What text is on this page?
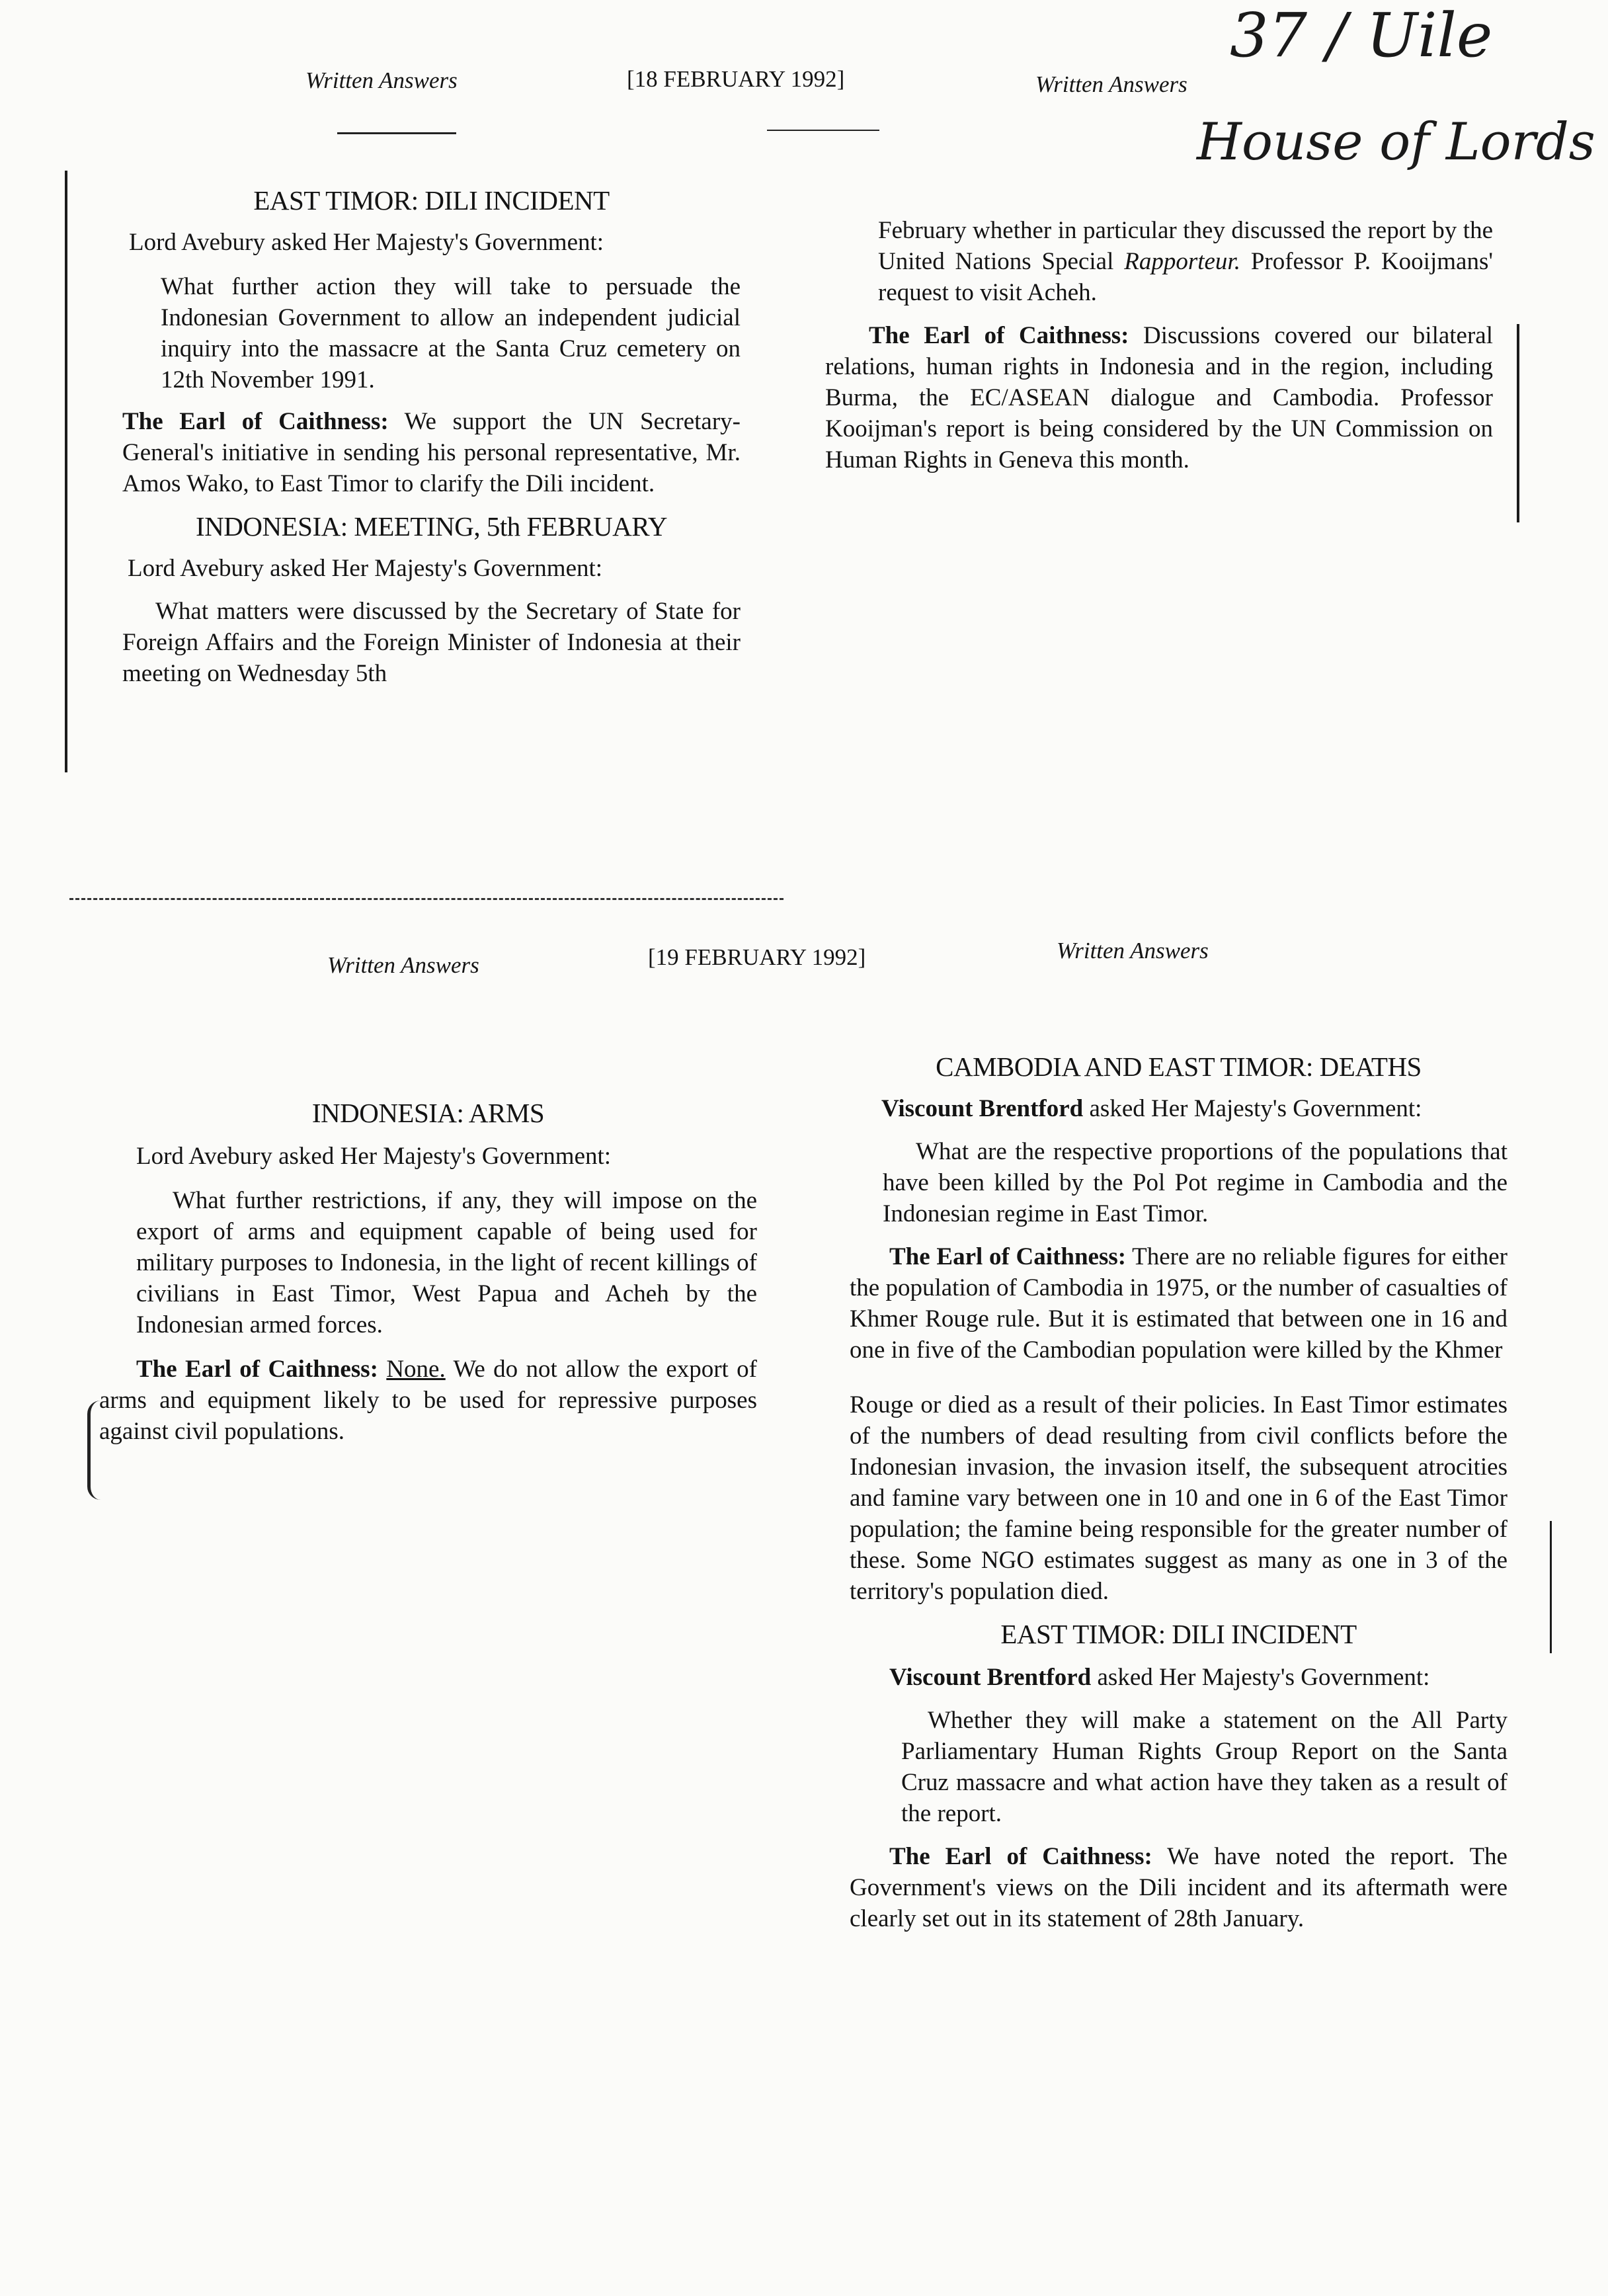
37 / Uile
House of Lords
Written Answers	[18 FEBRUARY 1992]	Written Answers

EAST TIMOR: DILI INCIDENT

Lord Avebury asked Her Majesty's Government:

What further action they will take to persuade the Indonesian Government to allow an independent judicial inquiry into the massacre at the Santa Cruz cemetery on 12th November 1991.

The Earl of Caithness: We support the UN Secretary-General's initiative in sending his personal representative, Mr. Amos Wako, to East Timor to clarify the Dili incident.

INDONESIA: MEETING, 5th FEBRUARY

Lord Avebury asked Her Majesty's Government:

What matters were discussed by the Secretary of State for Foreign Affairs and the Foreign Minister of Indonesia at their meeting on Wednesday 5th

February whether in particular they discussed the report by the United Nations Special Rapporteur. Professor P. Kooijmans' request to visit Acheh.

The Earl of Caithness: Discussions covered our bilateral relations, human rights in Indonesia and in the region, including Burma, the EC/ASEAN dialogue and Cambodia. Professor Kooijman's report is being considered by the UN Commission on Human Rights in Geneva this month.

Written Answers	[19 FEBRUARY 1992]	Written Answers

INDONESIA: ARMS

Lord Avebury asked Her Majesty's Government:

What further restrictions, if any, they will impose on the export of arms and equipment capable of being used for military purposes to Indonesia, in the light of recent killings of civilians in East Timor, West Papua and Acheh by the Indonesian armed forces.

The Earl of Caithness: None. We do not allow the export of arms and equipment likely to be used for repressive purposes against civil populations.

CAMBODIA AND EAST TIMOR: DEATHS

Viscount Brentford asked Her Majesty's Government:

What are the respective proportions of the populations that have been killed by the Pol Pot regime in Cambodia and the Indonesian regime in East Timor.

The Earl of Caithness: There are no reliable figures for either the population of Cambodia in 1975, or the number of casualties of Khmer Rouge rule. But it is estimated that between one in 16 and one in five of the Cambodian population were killed by the Khmer

Rouge or died as a result of their policies. In East Timor estimates of the numbers of dead resulting from civil conflicts before the Indonesian invasion, the invasion itself, the subsequent atrocities and famine vary between one in 10 and one in 6 of the East Timor population; the famine being responsible for the greater number of these. Some NGO estimates suggest as many as one in 3 of the territory's population died.

EAST TIMOR: DILI INCIDENT

Viscount Brentford asked Her Majesty's Government:

Whether they will make a statement on the All Party Parliamentary Human Rights Group Report on the Santa Cruz massacre and what action have they taken as a result of the report.

The Earl of Caithness: We have noted the report. The Government's views on the Dili incident and its aftermath were clearly set out in its statement of 28th January.
